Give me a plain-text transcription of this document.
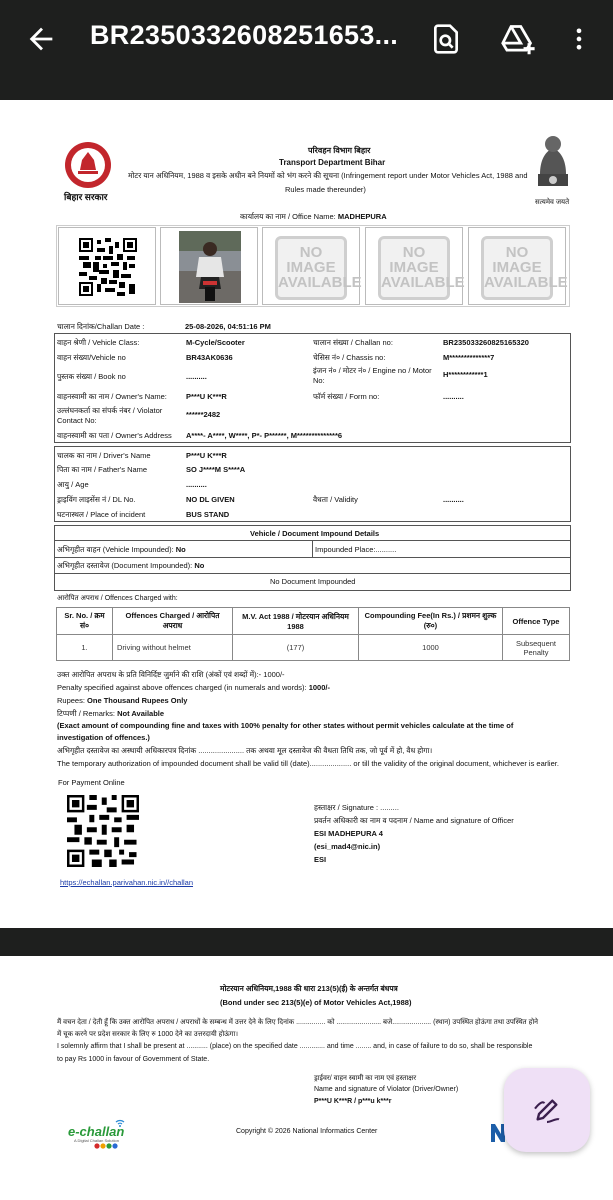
BR2350332608251653...
बिहार सरकार
परिवहन विभाग बिहार
Transport Department Bihar
मोटर यान अधिनियम, 1988 व इसके अधीन बने नियमों को भंग करने की सूचना (Infringement report under Motor Vehicles Act, 1988 and
Rules made thereunder)
सत्यमेव जयते
कार्यालय का नाम / Office Name: MADHEPURA
NO IMAGE AVAILABLE
NO IMAGE AVAILABLE
NO IMAGE AVAILABLE
चालान दिनांक/Challan Date :	25-08-2026, 04:51:16 PM
वाहन श्रेणी / Vehicle Class:	M-Cycle/Scooter	चालान संख्या / Challan no:	BR235033260825165320
वाहन संख्या/Vehicle no	BR43AK0636	चेसिस नं० / Chassis no:	M**************7
पुस्तक संख्या / Book no	..........
इंजन नं० / मोटर नं० / Engine no / Motor No:
H************1
वाहनस्वामी का नाम / Owner's Name:	P***U K***R	फॉर्म संख्या / Form no:	..........
उल्लंघनकर्ता का संपर्क नंबर / Violator Contact No:
******2482
वाहनस्वामी का पता / Owner's Address A****- A****, W****, P*- P******, M**************6
चालक का नाम / Driver's Name	P***U K***R
पिता का नाम / Father's Name	SO J****M S****A
आयु / Age	..........
ड्राइविंग लाइसेंस नं / DL No.	NO DL GIVEN	वैधता / Validity	..........
घटनास्थल / Place of incident	BUS STAND
Vehicle / Document Impound Details
अभिगृहीत वाहन (Vehicle Impounded): No	Impounded Place:..........
अभिगृहीत दस्तावेज (Document Impounded): No
No Document Impounded
आरोपित अपराध / Offences Charged with:
Sr. No. / क्रम सं०	Offences Charged / आरोपित अपराध	M.V. Act 1988 / मोटरयान अधिनियम 1988	Compounding Fee(In Rs.) / प्रशमन शुल्क (रु०)	Offence Type
1.	Driving without helmet	(177)	1000	Subsequent Penalty
उक्त आरोपित अपराध के प्रति विनिर्दिष्ट जुर्माने की राशि (अंकों एवं शब्दों में):- 1000/-
Penalty specified against above offences charged (in numerals and words): 1000/-
Rupees: One Thousand Rupees Only
टिप्पणी / Remarks: Not Available
(Exact amount of compounding fine and taxes with 100% penalty for other states without permit vehicles calculate at the time of investigation of offences.)
अभिगृहीत दस्तावेज का अस्थायी अधिकारपत्र दिनांक ...................... तक अथवा मूल दस्तावेज की वैधता तिथि तक, जो पूर्व में हो, वैध होगा।
The temporary authorization of impounded document shall be valid till (date).................... or till the validity of the original document, whichever is earlier.
For Payment Online
https://echallan.parivahan.nic.in//challan
हस्ताक्षर / Signature : .........
प्रवर्तन अधिकारी का नाम व पदनाम / Name and signature of Officer
ESI MADHEPURA 4
(esi_mad4@nic.in)
ESI
मोटरयान अधिनियम,1988 की धारा 213(5)(ई) के अन्तर्गत बंधपत्र
(Bond under sec 213(5)(e) of Motor Vehicles Act,1988)
मैं वचन देता / देती हूँ कि उक्त आरोपित अपराध / अपराधों के सम्बन्ध में उत्तर देने के लिए दिनांक ............... को ....................... बजे.................... (स्थान) उपस्थित होऊंगा तथा उपस्थित होने
में चूक करने पर प्रदेश सरकार के लिए रु 1000 देने का उत्तरदायी होऊंगा।
I solemnly affirm that I shall be present at ........... (place) on the specified date ............. and time ........ and, in case of failure to do so, shall be responsible
to pay Rs 1000 in favour of Government of State.
ड्राईवर/ वाहन स्वामी का नाम एवं हस्ताक्षर
Name and signature of Violator (Driver/Owner)
P***U K***R / p***u k***r
e-challan
A Digital Challan Solution
Copyright © 2026 National Informatics Center
